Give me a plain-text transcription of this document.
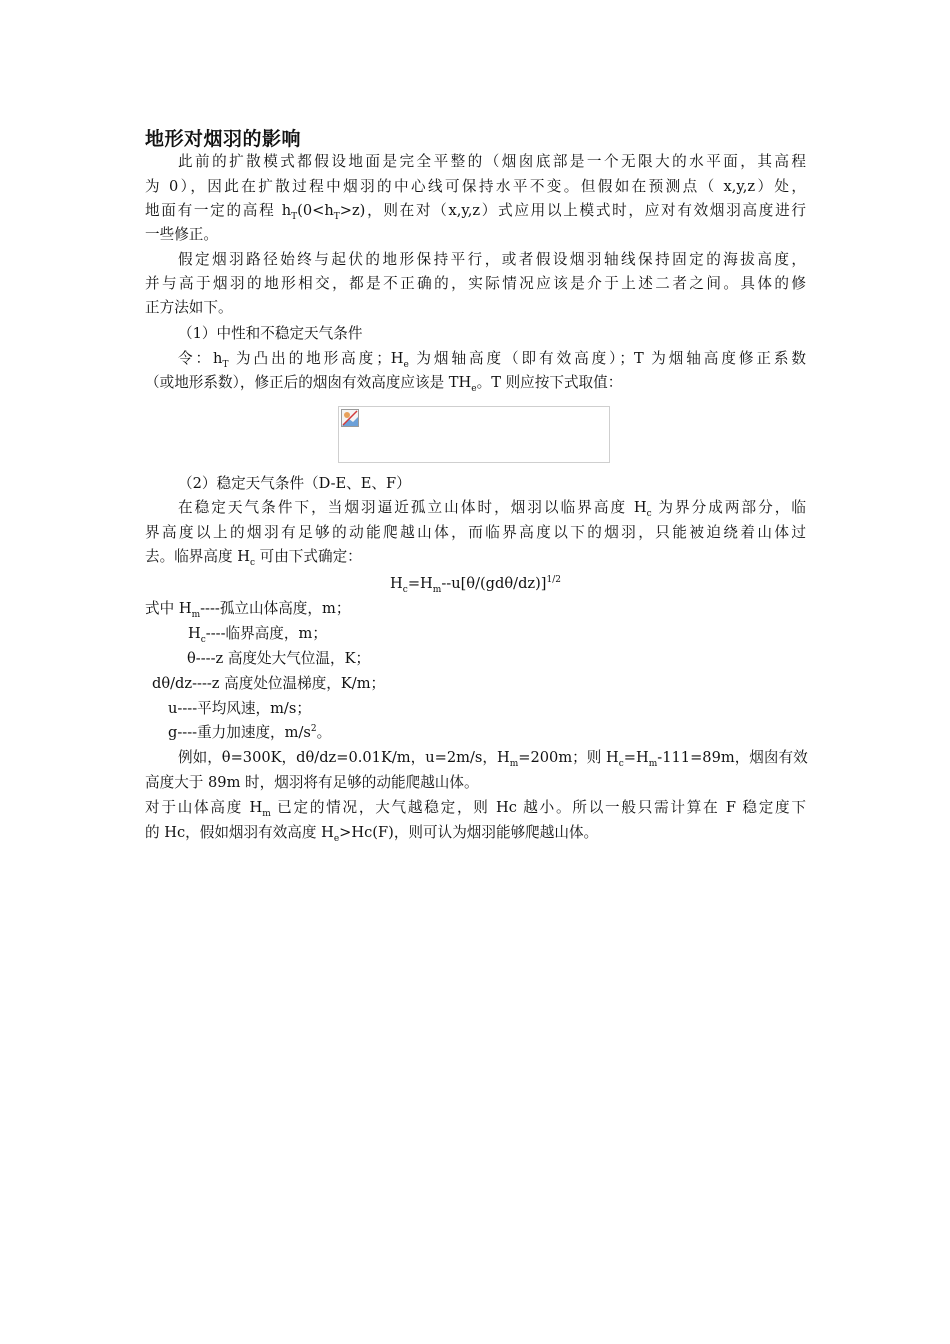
地形对烟羽的影响
此前的扩散模式都假设地面是完全平整的（烟囱底部是一个无限大的水平面，其高程
为 0），因此在扩散过程中烟羽的中心线可保持水平不变。但假如在预测点（ x,y,z）处，
地面有一定的高程 $h_T(0<h_T>z)$，则在对（x,y,z）式应用以上模式时，应对有效烟羽高度进行
一些修正。
假定烟羽路径始终与起伏的地形保持平行，或者假设烟羽轴线保持固定的海拔高度，
并与高于烟羽的地形相交，都是不正确的，实际情况应该是介于上述二者之间。具体的修
正方法如下。
（1）中性和不稳定天气条件
令：$h_T$ 为凸出的地形高度；$H_e$ 为烟轴高度（即有效高度）；T 为烟轴高度修正系数
（或地形系数），修正后的烟囱有效高度应该是 $TH_e$。T 则应按下式取值：
（2）稳定天气条件（D-E、E、F）
在稳定天气条件下，当烟羽逼近孤立山体时，烟羽以临界高度 $H_c$ 为界分成两部分，临
界高度以上的烟羽有足够的动能爬越山体，而临界高度以下的烟羽，只能被迫绕着山体过
去。临界高度 $H_c$ 可由下式确定：
$H_c=H_m--u[\theta/(gd\theta/dz)]^{1/2}$
式中 $H_m----$孤立山体高度，m；
$H_c----$临界高度，m；
θ----z 高度处大气位温，K；
dθ/dz----z 高度处位温梯度，K/m；
u----平均风速，m/s；
g----重力加速度，$m/s^2$。
例如，θ=300K，dθ/dz=0.01K/m，u=2m/s，$H_m=200m$；则 $H_c=H_m-111=89m$，烟囱有效
高度大于 89m 时，烟羽将有足够的动能爬越山体。
对于山体高度 $H_m$ 已定的情况，大气越稳定，则 Hc 越小。所以一般只需计算在 F 稳定度下
的 Hc，假如烟羽有效高度 $H_e>Hc(F)$，则可认为烟羽能够爬越山体。
